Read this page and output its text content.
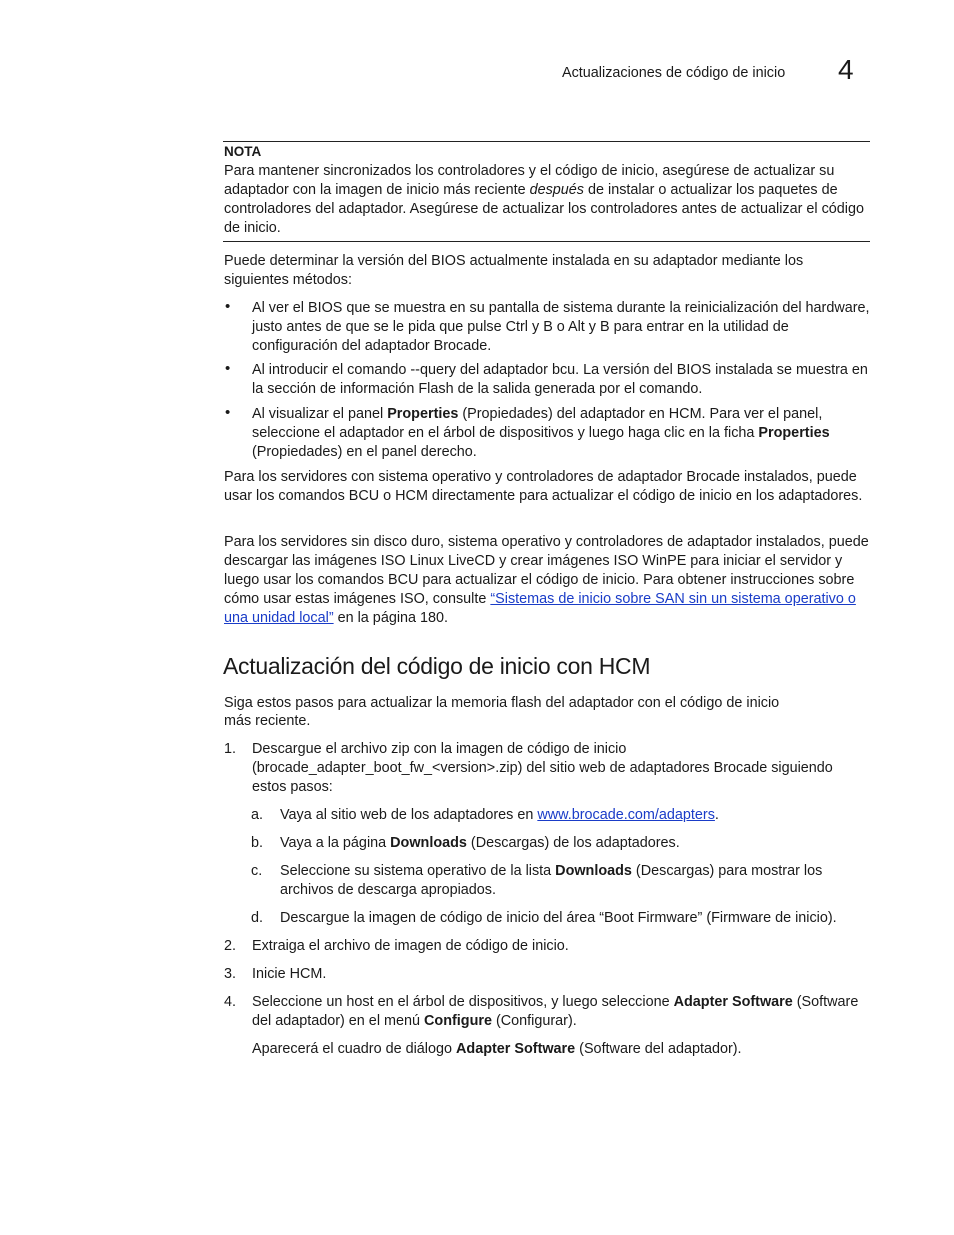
Actualizaciones de código de inicio 4
NOTA
Para mantener sincronizados los controladores y el código de inicio, asegúrese de actualizar su adaptador con la imagen de inicio más reciente después de instalar o actualizar los paquetes de controladores del adaptador. Asegúrese de actualizar los controladores antes de actualizar el código de inicio.
Puede determinar la versión del BIOS actualmente instalada en su adaptador mediante los siguientes métodos:
• Al ver el BIOS que se muestra en su pantalla de sistema durante la reinicialización del hardware, justo antes de que se le pida que pulse Ctrl y B o Alt y B para entrar en la utilidad de configuración del adaptador Brocade.
• Al introducir el comando --query del adaptador bcu. La versión del BIOS instalada se muestra en la sección de información Flash de la salida generada por el comando.
• Al visualizar el panel Properties (Propiedades) del adaptador en HCM. Para ver el panel, seleccione el adaptador en el árbol de dispositivos y luego haga clic en la ficha Properties (Propiedades) en el panel derecho.
Para los servidores con sistema operativo y controladores de adaptador Brocade instalados, puede usar los comandos BCU o HCM directamente para actualizar el código de inicio en los adaptadores.
Para los servidores sin disco duro, sistema operativo y controladores de adaptador instalados, puede descargar las imágenes ISO Linux LiveCD y crear imágenes ISO WinPE para iniciar el servidor y luego usar los comandos BCU para actualizar el código de inicio. Para obtener instrucciones sobre cómo usar estas imágenes ISO, consulte “Sistemas de inicio sobre SAN sin un sistema operativo o una unidad local” en la página 180.
Actualización del código de inicio con HCM
Siga estos pasos para actualizar la memoria flash del adaptador con el código de inicio
más reciente.
1. Descargue el archivo zip con la imagen de código de inicio (brocade_adapter_boot_fw_<version>.zip) del sitio web de adaptadores Brocade siguiendo estos pasos:
a. Vaya al sitio web de los adaptadores en www.brocade.com/adapters.
b. Vaya a la página Downloads (Descargas) de los adaptadores.
c. Seleccione su sistema operativo de la lista Downloads (Descargas) para mostrar los archivos de descarga apropiados.
d. Descargue la imagen de código de inicio del área “Boot Firmware” (Firmware de inicio).
2. Extraiga el archivo de imagen de código de inicio.
3. Inicie HCM.
4. Seleccione un host en el árbol de dispositivos, y luego seleccione Adapter Software (Software del adaptador) en el menú Configure (Configurar).
Aparecerá el cuadro de diálogo Adapter Software (Software del adaptador).
